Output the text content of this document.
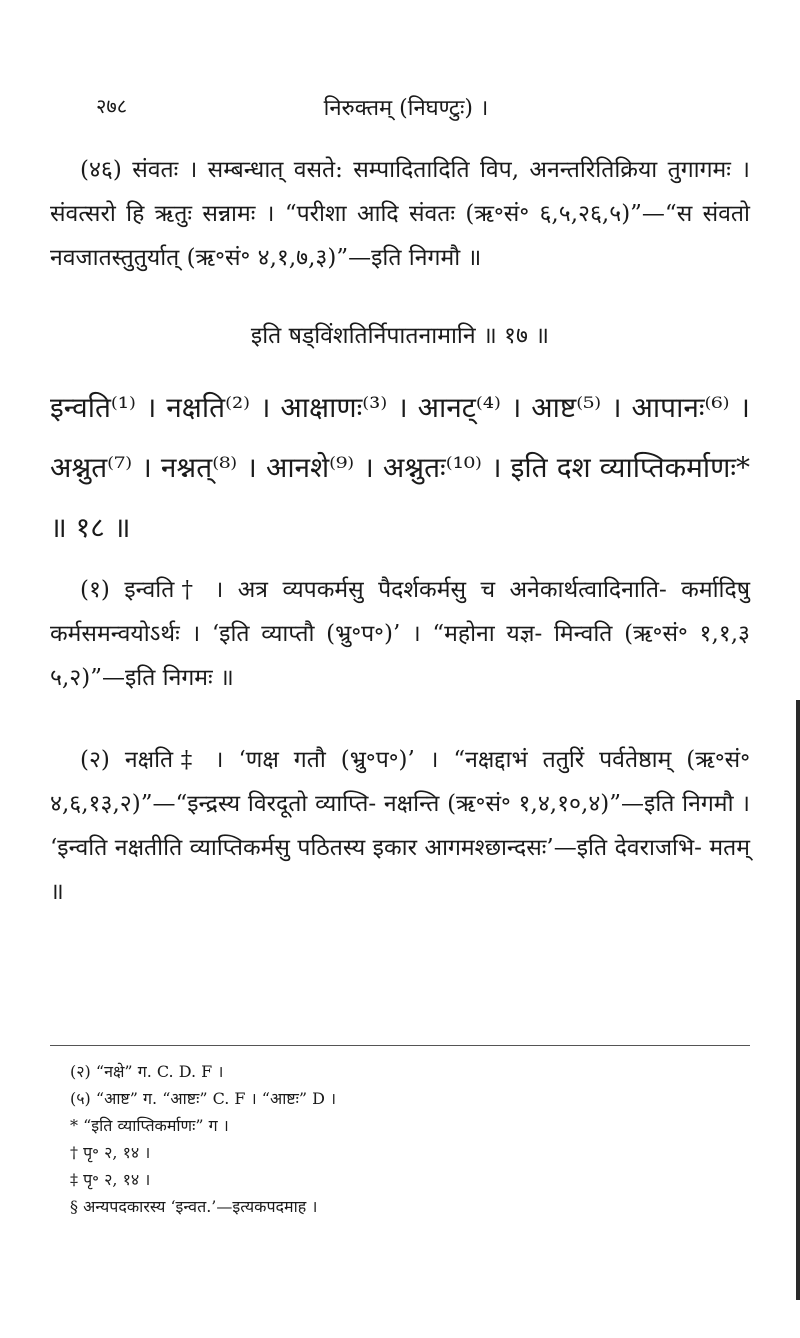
२७८	निरुक्तम् (निघण्टुः) ।

(४६) संवतः । सम्बन्धात् वसते: सम्पादितादिति विप, अनन्तरितिक्रिया तुगागमः । संवत्सरो हि ऋतुः सन्नामः । “परीशा आदि संवतः (ऋ॰सं॰ ६,५,२६,५)”—“स संवतो नवजातस्तुतुर्यात् (ऋ॰सं॰ ४,१,७,३)”—इति निगमौ ॥

इति षड्विंशतिर्निपातनामानि ॥ १७ ॥

इन्वति⁽¹⁾ । नक्षति⁽²⁾ । आक्षाणः⁽³⁾ । आनट्⁽⁴⁾ । आष्ट⁽⁵⁾ । आपानः⁽⁶⁾ । अश्नुत⁽⁷⁾ । नश्नत्⁽⁸⁾ । आनशे⁽⁹⁾ । अश्नुतः⁽¹⁰⁾ । इति दश व्याप्तिकर्माणः* ॥ १८ ॥

(१) इन्वति† । अत्र व्यपकर्मसु पैदर्शकर्मसु च अनेकार्थत्वादिनाति- कर्मादिषु कर्मसमन्वयोऽर्थः । ‘इति व्याप्तौ (भ्रु॰प॰)’ । “महोना यज्ञ- मिन्वति (ऋ॰सं॰ १,१,३ ५,२)”—इति निगमः ॥

(२) नक्षति‡ । ‘णक्ष गतौ (भ्रु॰प॰)’ । “नक्षद्दाभं ततुरिं पर्वतेष्ठाम् (ऋ॰सं॰ ४,६,१३,२)”—“इन्द्रस्य विरदूतो व्याप्ति- नक्षन्ति (ऋ॰सं॰ १,४,१०,४)”—इति निगमौ । ‘इन्वति नक्षतीति व्याप्तिकर्मसु पठितस्य इकार आगमश्छान्दसः’—इति देवराजभि- मतम् ॥

(२) “नक्षे” ग. C. D. F ।

(५) “आष्ट” ग. “आष्टः” C. F । “आष्टः” D ।

* “इति व्याप्तिकर्माणः” ग ।

† पृ॰ २, १४ ।

‡ पृ॰ २, १४ ।

§ अन्यपदकारस्य ‘इन्वत.’—इत्यकपदमाह ।
